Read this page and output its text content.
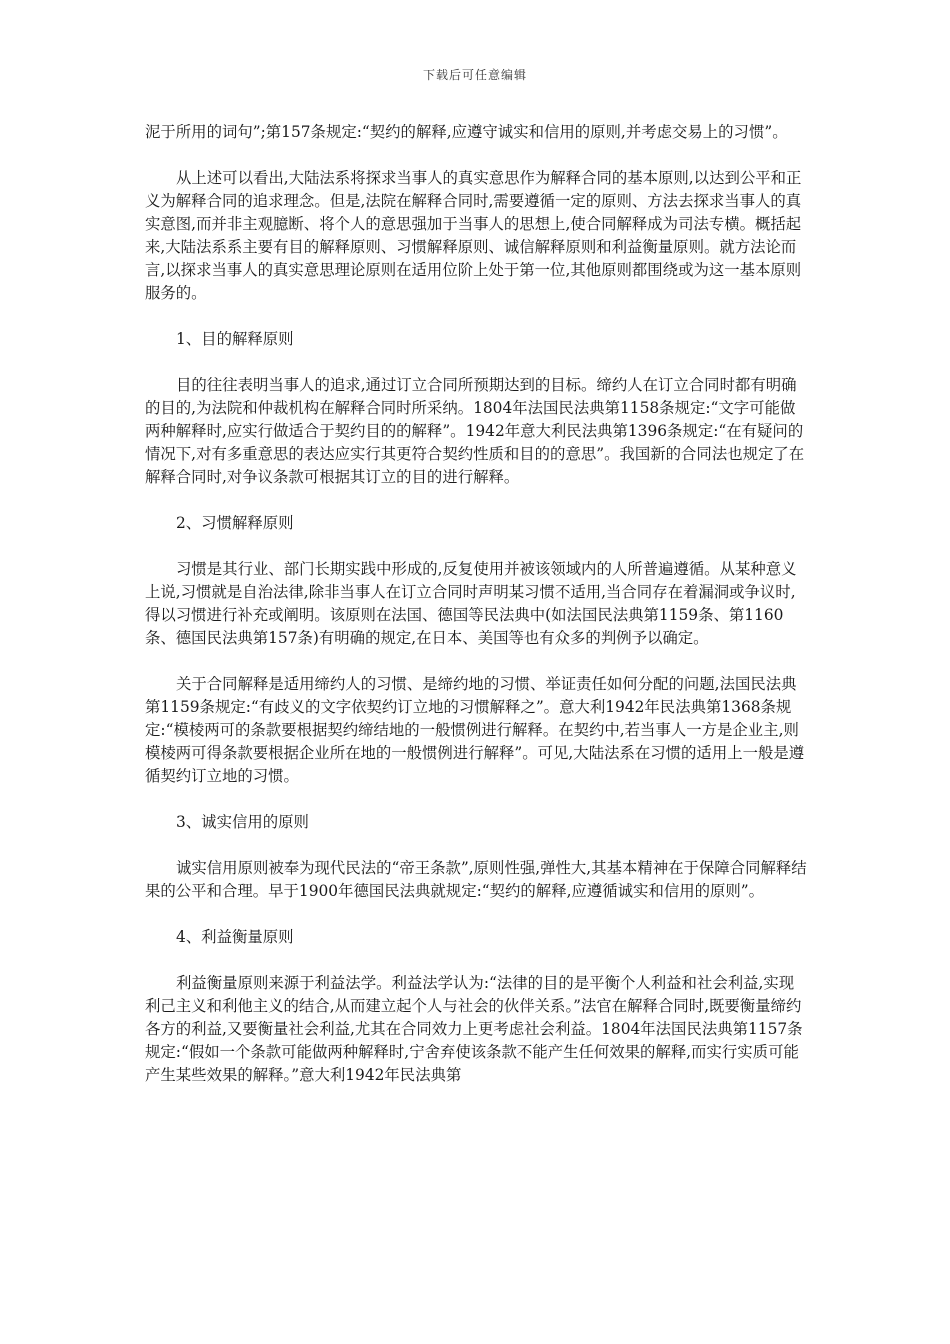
下载后可任意编辑

泥于所用的词句”;第157条规定:“契约的解释,应遵守诚实和信用的原则,并考虑交易上的习惯”。

从上述可以看出,大陆法系将探求当事人的真实意思作为解释合同的基本原则,以达到公平和正义为解释合同的追求理念。但是,法院在解释合同时,需要遵循一定的原则、方法去探求当事人的真实意图,而并非主观臆断、将个人的意思强加于当事人的思想上,使合同解释成为司法专横。概括起来,大陆法系系主要有目的解释原则、习惯解释原则、诚信解释原则和利益衡量原则。就方法论而言,以探求当事人的真实意思理论原则在适用位阶上处于第一位,其他原则都围绕或为这一基本原则服务的。

1、目的解释原则

目的往往表明当事人的追求,通过订立合同所预期达到的目标。缔约人在订立合同时都有明确的目的,为法院和仲裁机构在解释合同时所采纳。1804年法国民法典第1158条规定:“文字可能做两种解释时,应实行做适合于契约目的的解释”。1942年意大利民法典第1396条规定:“在有疑问的情况下,对有多重意思的表达应实行其更符合契约性质和目的的意思”。我国新的合同法也规定了在解释合同时,对争议条款可根据其订立的目的进行解释。

2、习惯解释原则

习惯是其行业、部门长期实践中形成的,反复使用并被该领域内的人所普遍遵循。从某种意义上说,习惯就是自治法律,除非当事人在订立合同时声明某习惯不适用,当合同存在着漏洞或争议时,得以习惯进行补充或阐明。该原则在法国、德国等民法典中(如法国民法典第1159条、第1160条、德国民法典第157条)有明确的规定,在日本、美国等也有众多的判例予以确定。

关于合同解释是适用缔约人的习惯、是缔约地的习惯、举证责任如何分配的问题,法国民法典第1159条规定:“有歧义的文字依契约订立地的习惯解释之”。意大利1942年民法典第1368条规定:“模棱两可的条款要根据契约缔结地的一般惯例进行解释。在契约中,若当事人一方是企业主,则模棱两可得条款要根据企业所在地的一般惯例进行解释”。可见,大陆法系在习惯的适用上一般是遵循契约订立地的习惯。

3、诚实信用的原则

诚实信用原则被奉为现代民法的“帝王条款”,原则性强,弹性大,其基本精神在于保障合同解释结果的公平和合理。早于1900年德国民法典就规定:“契约的解释,应遵循诚实和信用的原则”。

4、利益衡量原则

利益衡量原则来源于利益法学。利益法学认为:“法律的目的是平衡个人利益和社会利益,实现利己主义和利他主义的结合,从而建立起个人与社会的伙伴关系。”法官在解释合同时,既要衡量缔约各方的利益,又要衡量社会利益,尤其在合同效力上更考虑社会利益。1804年法国民法典第1157条规定:“假如一个条款可能做两种解释时,宁舍弃使该条款不能产生任何效果的解释,而实行实质可能产生某些效果的解释。”意大利1942年民法典第
